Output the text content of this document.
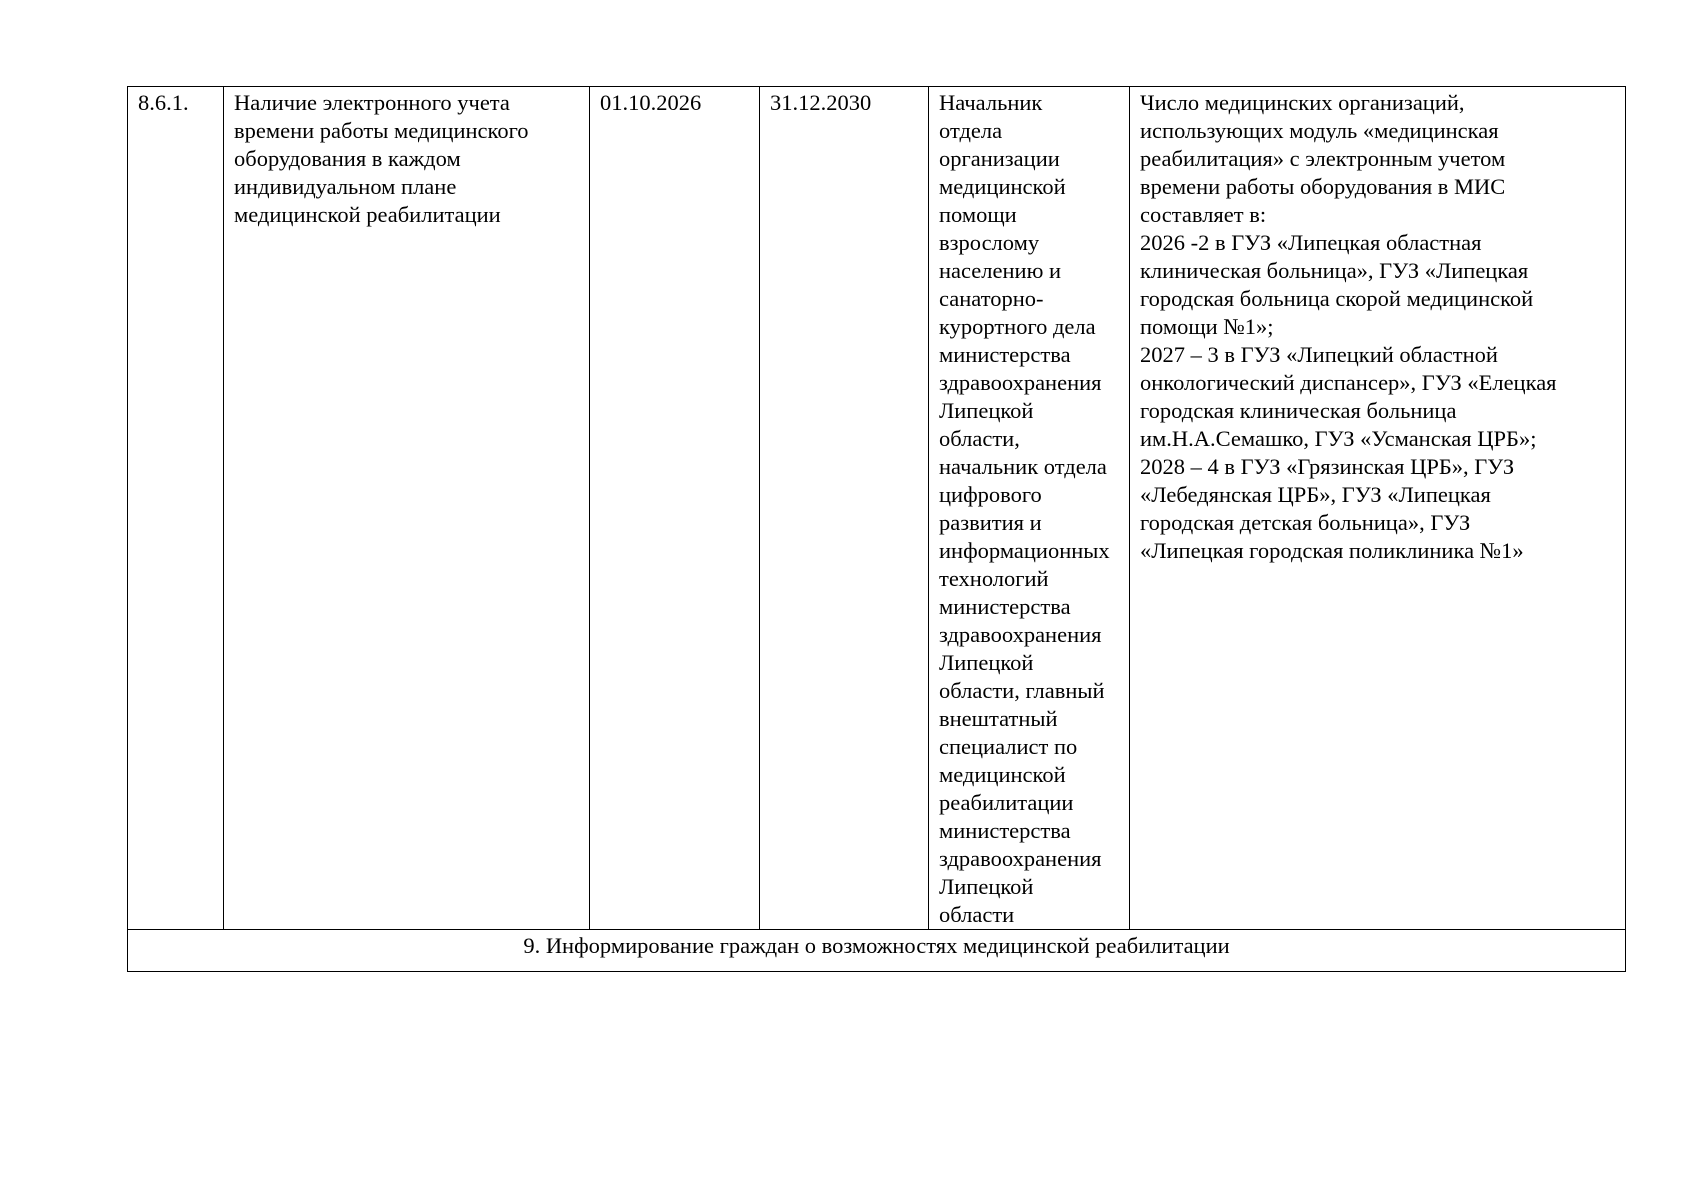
8.6.1.	Наличие электронного учета
времени работы медицинского
оборудования в каждом
индивидуальном плане
медицинской реабилитации	01.10.2026	31.12.2030	Начальник
отдела
организации
медицинской
помощи
взрослому
населению и
санаторно-
курортного дела
министерства
здравоохранения
Липецкой
области,
начальник отдела
цифрового
развития и
информационных
технологий
министерства
здравоохранения
Липецкой
области, главный
внештатный
специалист по
медицинской
реабилитации
министерства
здравоохранения
Липецкой
области	Число медицинских организаций,
использующих модуль «медицинская
реабилитация» с электронным учетом
времени работы оборудования в МИС
составляет в:
2026 -2 в ГУЗ «Липецкая областная
клиническая больница», ГУЗ «Липецкая
городская больница скорой медицинской
помощи №1»;
2027 – 3 в ГУЗ «Липецкий областной
онкологический диспансер», ГУЗ «Елецкая
городская клиническая больница
им.Н.А.Семашко, ГУЗ «Усманская ЦРБ»;
2028 – 4 в ГУЗ «Грязинская ЦРБ», ГУЗ
«Лебедянская ЦРБ», ГУЗ «Липецкая
городская детская больница», ГУЗ
«Липецкая городская поликлиника №1»
9. Информирование граждан о возможностях медицинской реабилитации
